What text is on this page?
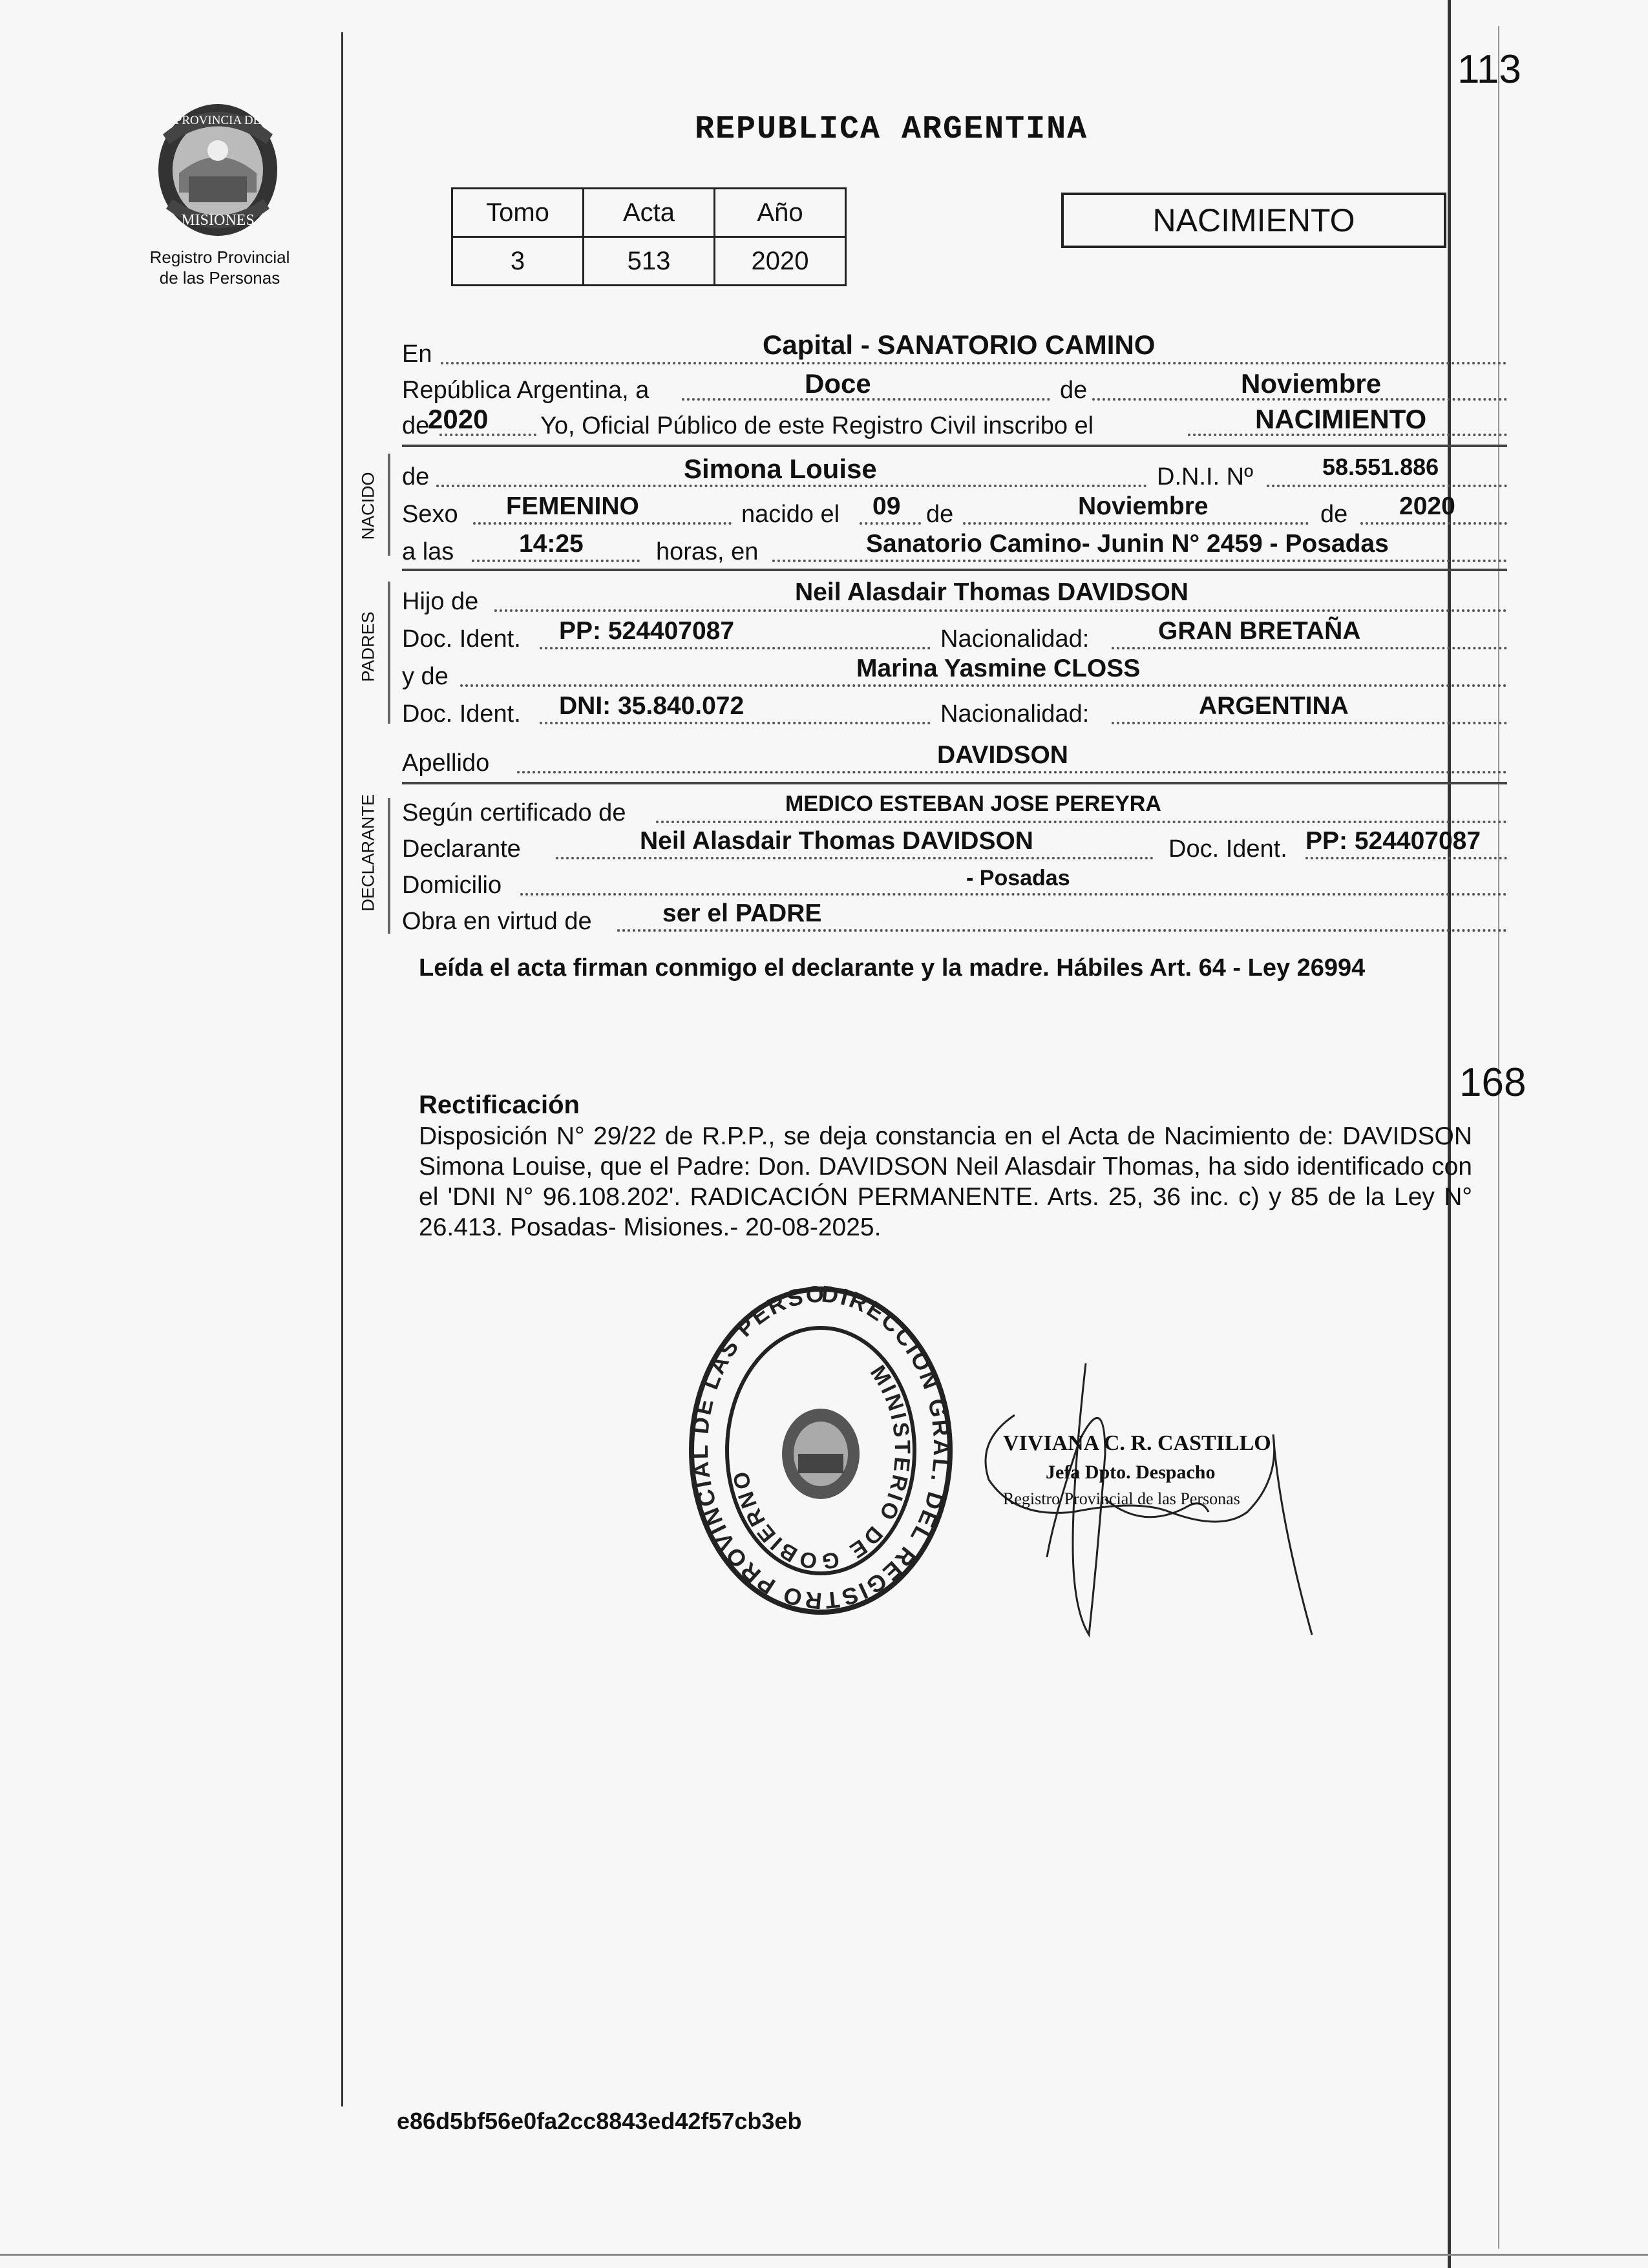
113
168
PROVINCIA DE
MISIONES
Registro Provincial
de las Personas
REPUBLICA ARGENTINA
Tomo	Acta	Año
3	513	2020
NACIMIENTO
En	Capital - SANATORIO CAMINO
República Argentina, a	Doce	de	Noviembre
de
2020 Yo, Oficial Público de este Registro Civil inscribo el	NACIMIENTO
NACIDO de	Simona Louise	D.N.I. Nº	58.551.886
Sexo FEMENINO	nacido el 09 de	Noviembre	de 2020
a las	14:25	horas, en	Sanatorio Camino- Junin N° 2459 - Posadas
PADRES
Hijo de	Neil Alasdair Thomas DAVIDSON
Doc. Ident. PP: 524407087	Nacionalidad:	GRAN BRETAÑA
y de	Marina Yasmine CLOSS
Doc. Ident. DNI: 35.840.072	Nacionalidad:	ARGENTINA
Apellido	DAVIDSON
DECLARANTE Según certificado de	MEDICO ESTEBAN JOSE PEREYRA
Declarante	Neil Alasdair Thomas DAVIDSON	Doc. Ident. PP: 524407087
Domicilio	- Posadas
Obra en virtud de	ser el PADRE
Leída el acta firman conmigo el declarante y la madre. Hábiles Art. 64 - Ley 26994
Rectificación
Disposición N° 29/22 de R.P.P., se deja constancia en el Acta de Nacimiento de: DAVIDSON Simona Louise, que el Padre: Don. DAVIDSON Neil Alasdair Thomas, ha sido identificado con el 'DNI N° 96.108.202'. RADICACIÓN PERMANENTE. Arts. 25, 36 inc. c) y 85 de la Ley N° 26.413. Posadas- Misiones.- 20-08-2025.
DIRECCION GRAL. DEL REGISTRO PROVINCIAL DE LAS PERSO
MINISTERIO DE GOBIERNO
VIVIANA C. R. CASTILLO
Jefa Dpto. Despacho
Registro Provincial de las Personas
e86d5bf56e0fa2cc8843ed42f57cb3eb
